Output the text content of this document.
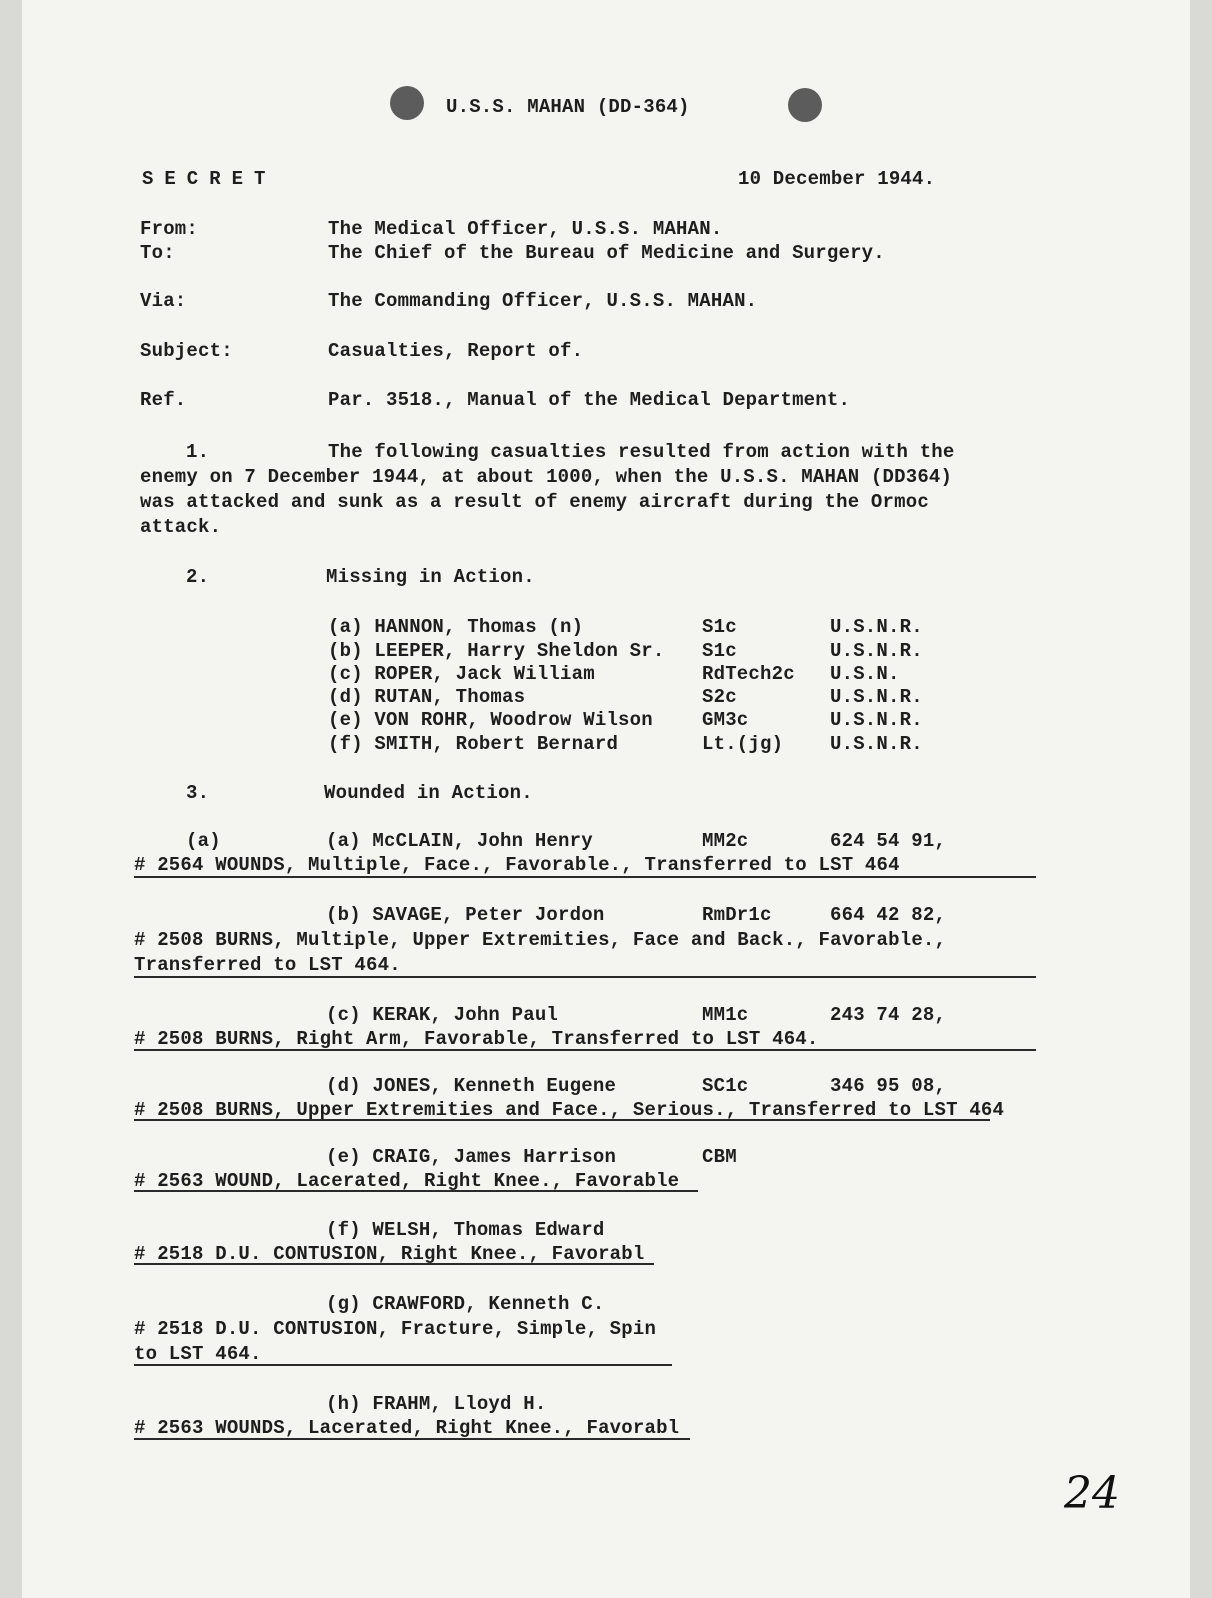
U.S.S. MAHAN (DD-364)
SECRET	10 December 1944.
From:	The Medical Officer, U.S.S. MAHAN.
To:	The Chief of the Bureau of Medicine and Surgery.
Via:	The Commanding Officer, U.S.S. MAHAN.
Subject:	Casualties, Report of.
Ref.	Par. 3518., Manual of the Medical Department.
1.	The following casualties resulted from action with the
enemy on 7 December 1944, at about 1000, when the U.S.S. MAHAN (DD364)
was attacked and sunk as a result of enemy aircraft during the Ormoc
attack.
2.	Missing in Action.
(a) HANNON, Thomas (n)	S1c	U.S.N.R.
(b) LEEPER, Harry Sheldon Sr. S1c	U.S.N.R.
(c) ROPER, Jack William	RdTech2c U.S.N.
(d) RUTAN, Thomas	S2c	U.S.N.R.
(e) VON ROHR, Woodrow Wilson	GM3c	U.S.N.R.
(f) SMITH, Robert Bernard	Lt.(jg) U.S.N.R.
3.	Wounded in Action.
(a)	(a) McCLAIN, John Henry	MM2c	624 54 91,
# 2564 WOUNDS, Multiple, Face., Favorable., Transferred to LST 464
(b) SAVAGE, Peter Jordon	RmDr1c	664 42 82,
# 2508 BURNS, Multiple, Upper Extremities, Face and Back., Favorable.,
Transferred to LST 464.
(c) KERAK, John Paul	MM1c	243 74 28,
# 2508 BURNS, Right Arm, Favorable, Transferred to LST 464.
(d) JONES, Kenneth Eugene	SC1c	346 95 08,
# 2508 BURNS, Upper Extremities and Face., Serious., Transferred to LST 464
(e) CRAIG, James Harrison	CBM
# 2563 WOUND, Lacerated, Right Knee., Favorable
(f) WELSH, Thomas Edward
# 2518 D.U. CONTUSION, Right Knee., Favorabl
(g) CRAWFORD, Kenneth C.
# 2518 D.U. CONTUSION, Fracture, Simple, Spin
to LST 464.
(h) FRAHM, Lloyd H.
# 2563 WOUNDS, Lacerated, Right Knee., Favorabl
24
